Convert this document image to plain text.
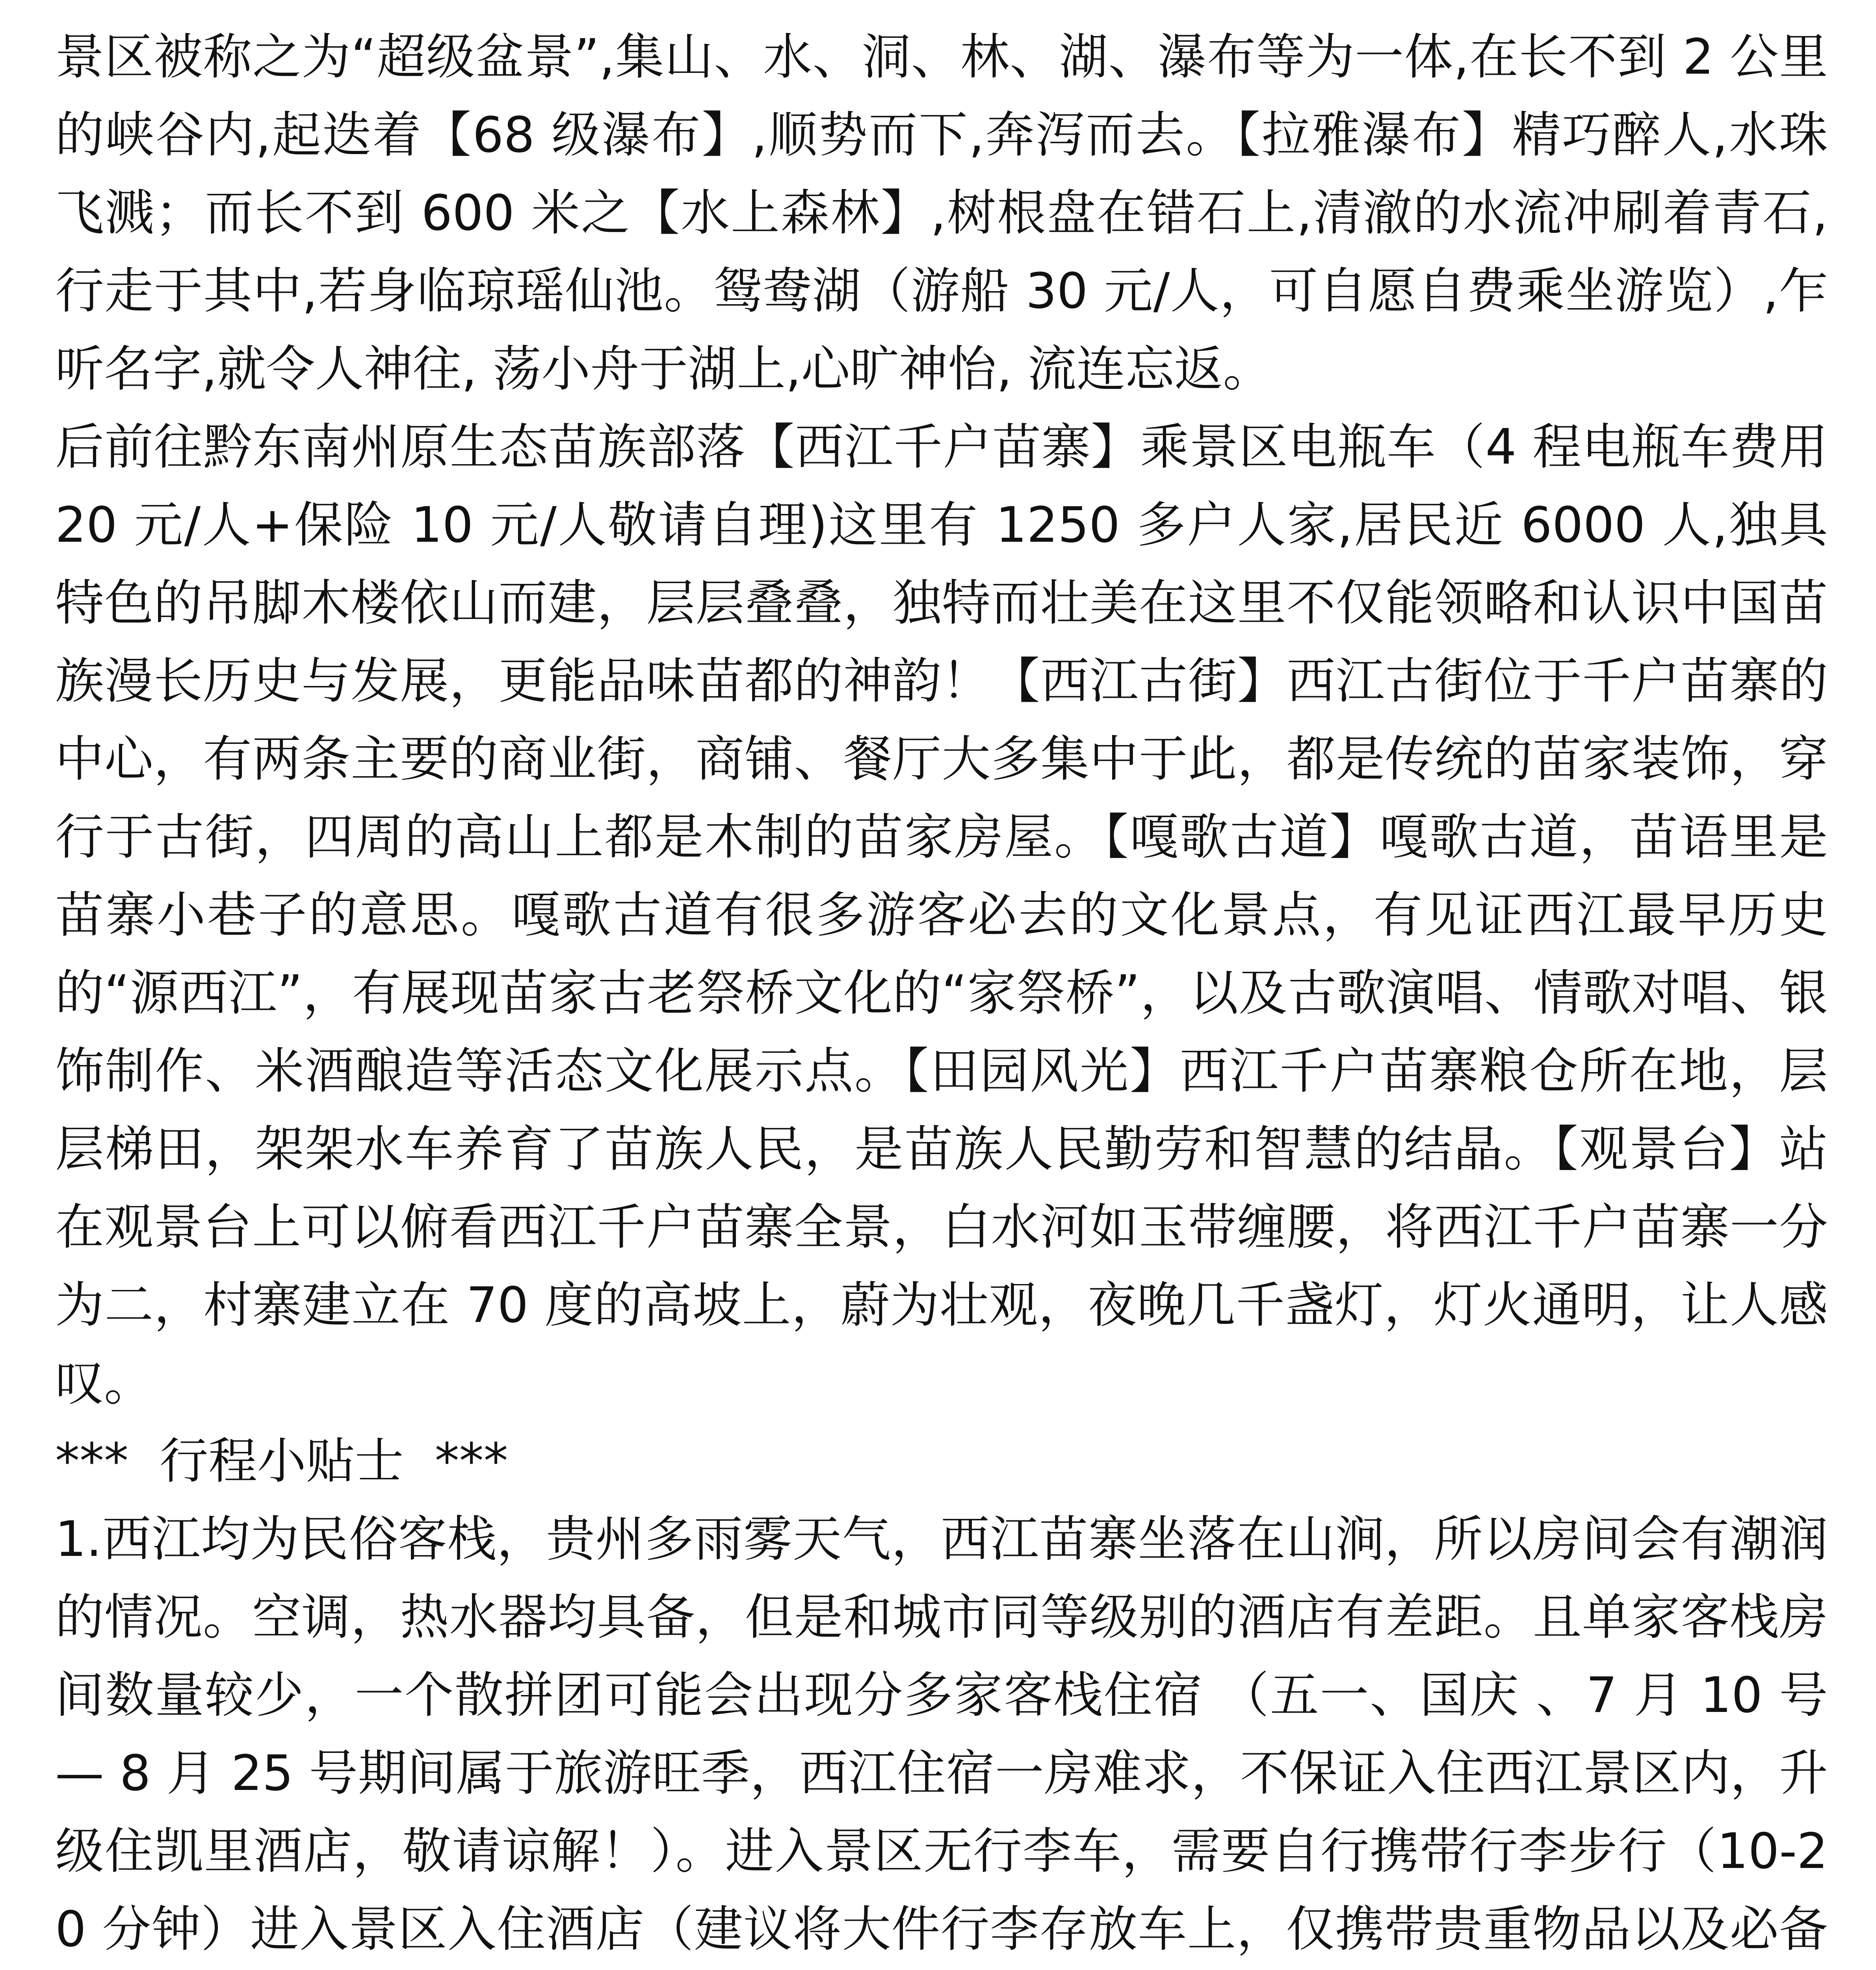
景区被称之为“超级盆景”,集山、水、洞、林、湖、瀑布等为一体,在长不到 2 公里的峡谷内,起迭着【68 级瀑布】,顺势而下,奔泻而去。【拉雅瀑布】精巧醉人,水珠飞溅；而长不到 600 米之【水上森林】,树根盘在错石上,清澈的水流冲刷着青石,行走于其中,若身临琼瑶仙池。鸳鸯湖（游船 30 元/人，可自愿自费乘坐游览）,乍听名字,就令人神往, 荡小舟于湖上,心旷神怡, 流连忘返。

后前往黔东南州原生态苗族部落【西江千户苗寨】乘景区电瓶车（4 程电瓶车费用 20 元/人+保险 10 元/人敬请自理)这里有 1250 多户人家,居民近 6000 人,独具特色的吊脚木楼依山而建，层层叠叠，独特而壮美在这里不仅能领略和认识中国苗族漫长历史与发展，更能品味苗都的神韵！【西江古街】西江古街位于千户苗寨的中心，有两条主要的商业街，商铺、餐厅大多集中于此，都是传统的苗家装饰，穿行于古街，四周的高山上都是木制的苗家房屋。【嘎歌古道】嘎歌古道，苗语里是苗寨小巷子的意思。嘎歌古道有很多游客必去的文化景点，有见证西江最早历史的“源西江”，有展现苗家古老祭桥文化的“家祭桥”，以及古歌演唱、情歌对唱、银饰制作、米酒酿造等活态文化展示点。【田园风光】西江千户苗寨粮仓所在地，层层梯田，架架水车养育了苗族人民，是苗族人民勤劳和智慧的结晶。【观景台】站在观景台上可以俯看西江千户苗寨全景，白水河如玉带缠腰，将西江千户苗寨一分为二，村寨建立在 70 度的高坡上，蔚为壮观，夜晚几千盏灯，灯火通明，让人感叹。

***  行程小贴士  ***

1.西江均为民俗客栈，贵州多雨雾天气，西江苗寨坐落在山涧，所以房间会有潮润的情况。空调，热水器均具备，但是和城市同等级别的酒店有差距。且单家客栈房间数量较少，一个散拼团可能会出现分多家客栈住宿 （五一、国庆 、7 月 10 号— 8 月 25 号期间属于旅游旺季，西江住宿一房难求，不保证入住西江景区内，升级住凯里酒店，敬请谅解！）。进入景区无行李车，需要自行携带行李步行（10-20 分钟）进入景区入住酒店（建议将大件行李存放车上，仅携带贵重物品以及必备
